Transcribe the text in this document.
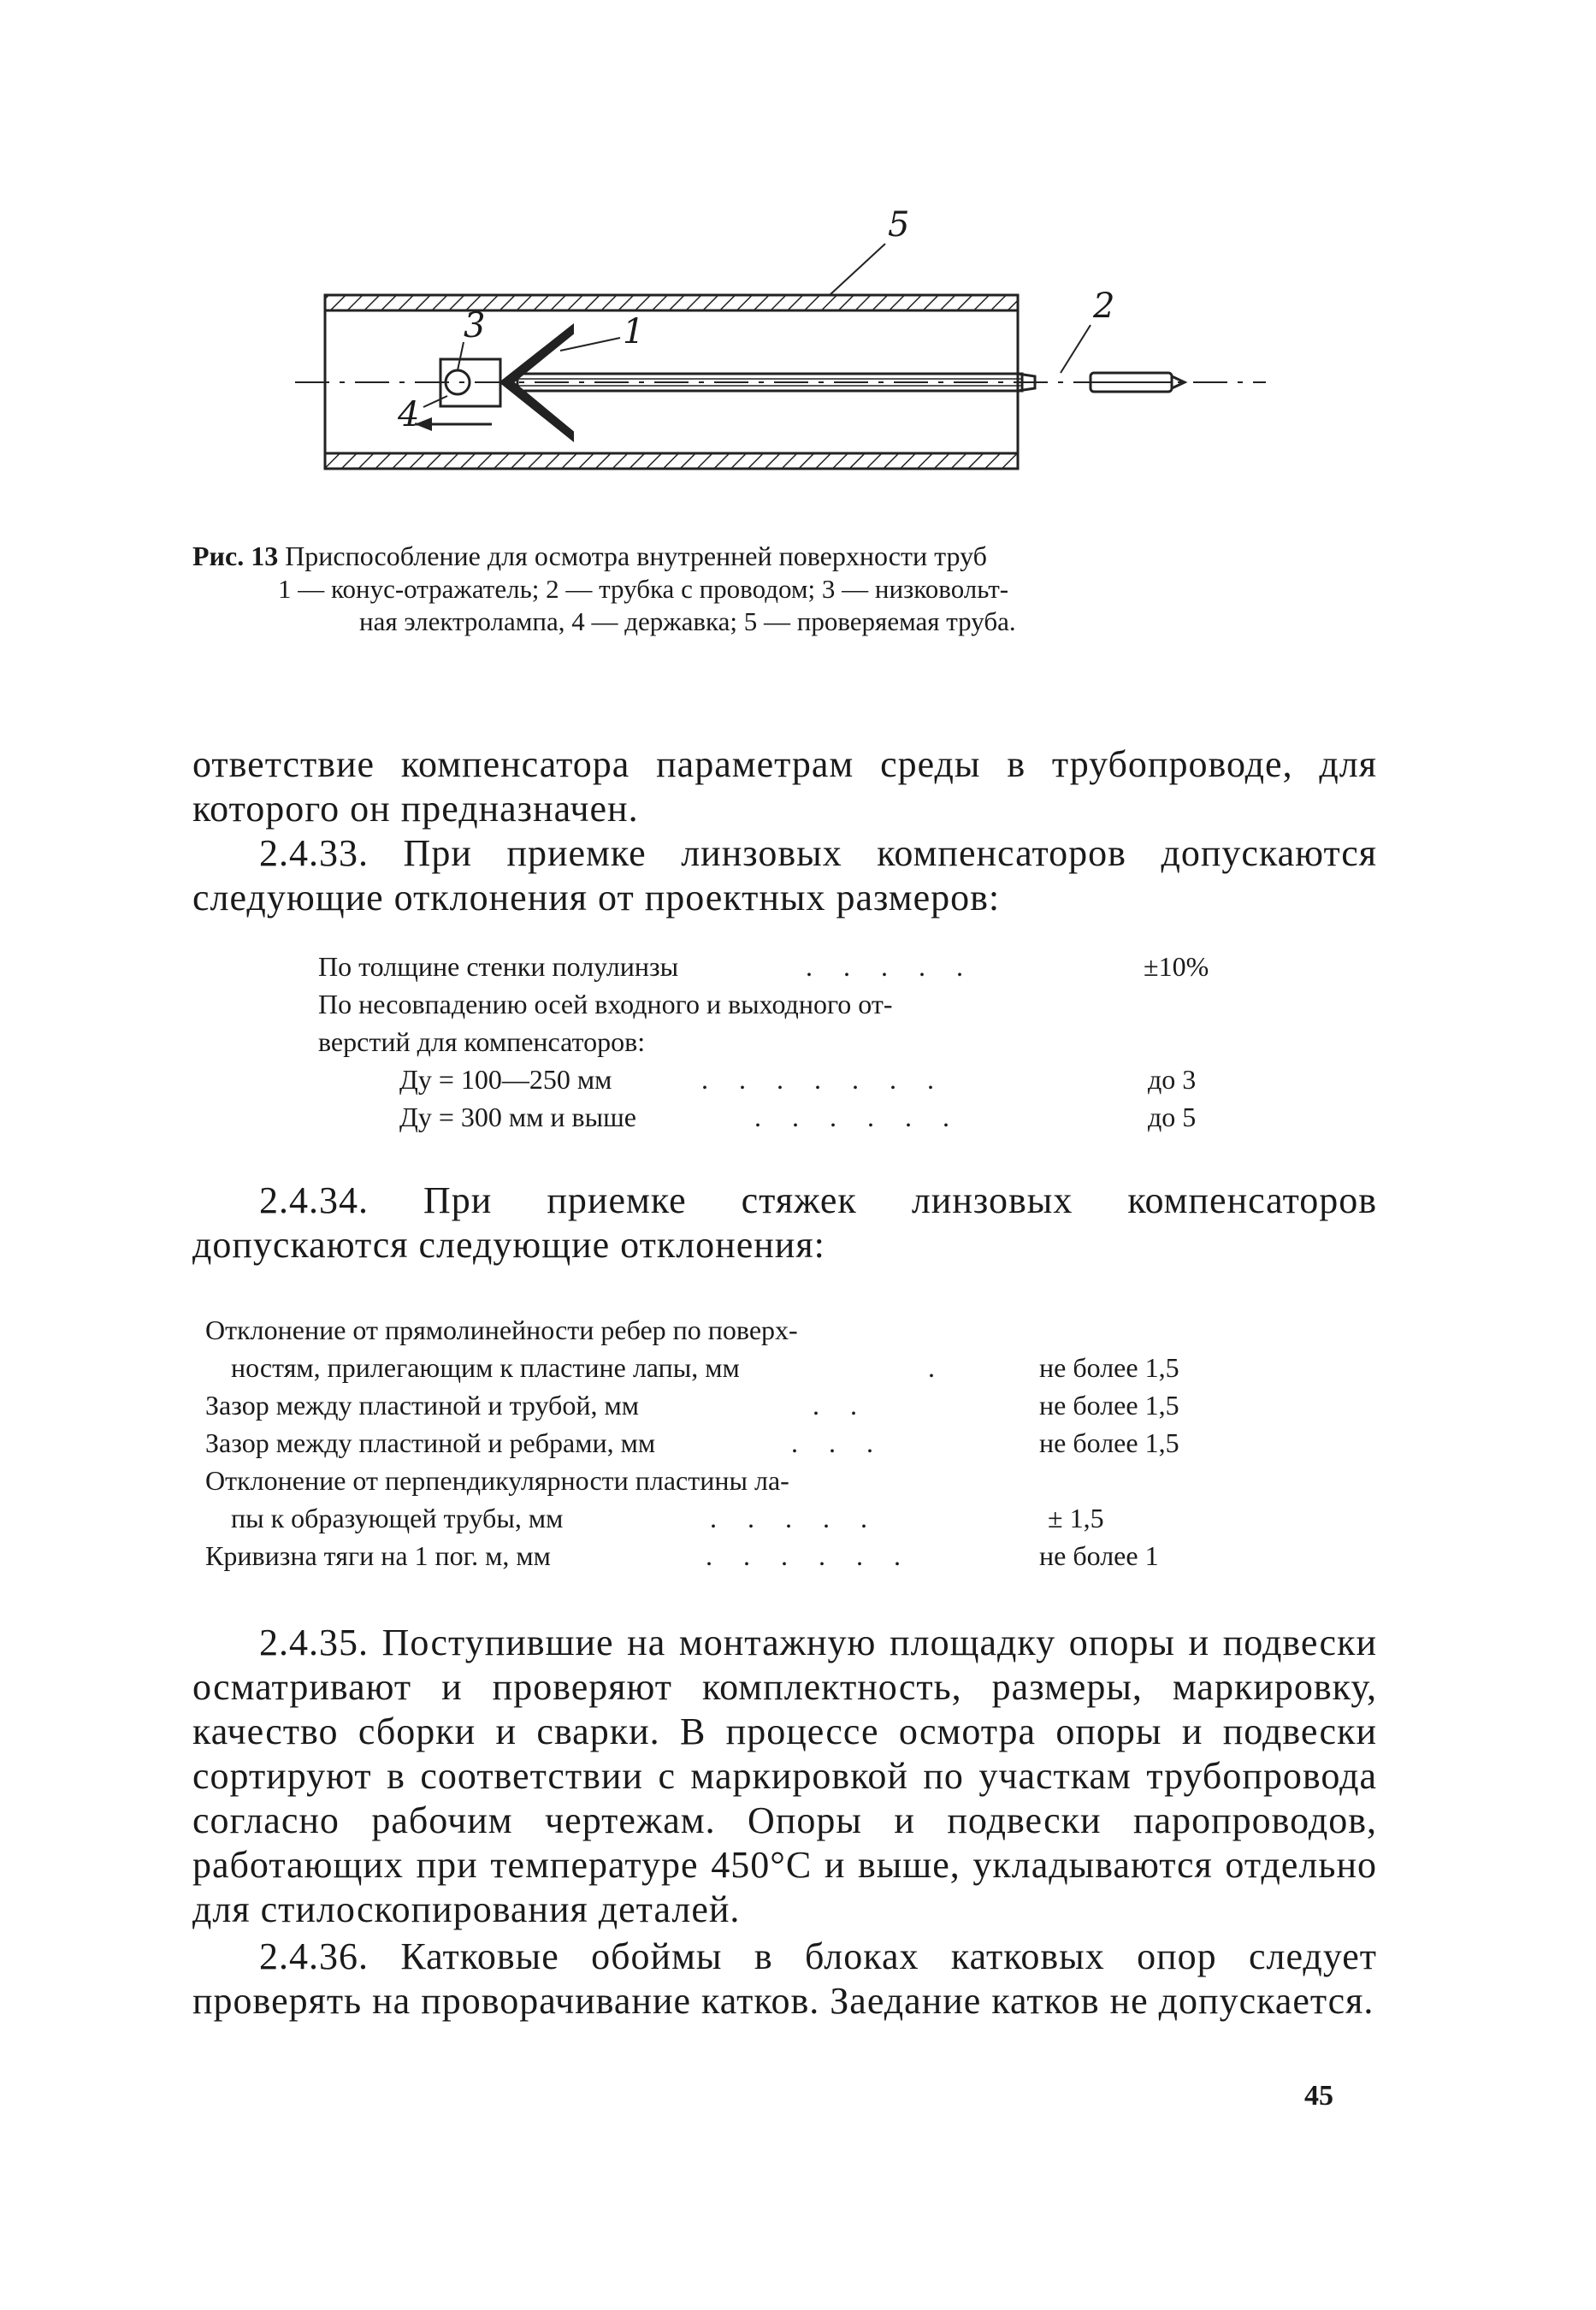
5
2
1
3
4
Рис. 13 Приспособление для осмотра внутренней поверхности труб
1 — конус-отражатель; 2 — трубка с проводом; 3 — низковольт-
ная электролампа, 4 — державка; 5 — проверяемая труба.
ответствие компенсатора параметрам среды в трубопроводе, для которого он предназначен.
2.4.33. При приемке линзовых компенсаторов допускаются следующие отклонения от проектных размеров:
По толщине стенки полулинзы	. . . . .	±10%
По несовпадению осей входного и выходного от-
верстий для компенсаторов:
Ду = 100—250 мм	. . . . . . .	до 3
Ду = 300 мм и выше	. . . . . .	до 5
2.4.34. При приемке стяжек линзовых компенсаторов допускаются следующие отклонения:
Отклонение от прямолинейности ребер по поверх-
ностям, прилегающим к пластине лапы, мм	.	не более 1,5
Зазор между пластиной и трубой, мм	. .	не более 1,5
Зазор между пластиной и ребрами, мм	. . .	не более 1,5
Отклонение от перпендикулярности пластины ла-
пы к образующей трубы, мм	. . . . .	± 1,5
Кривизна тяги на 1 пог. м, мм	. . . . . .	не более 1
2.4.35. Поступившие на монтажную площадку опоры и подвески осматривают и проверяют комплектность, размеры, маркировку, качество сборки и сварки. В процессе осмотра опоры и подвески сортируют в соответствии с маркировкой по участкам трубопровода согласно рабочим чертежам. Опоры и подвески паропроводов, работающих при температуре 450°С и выше, укладываются отдельно для стилоскопирования деталей.
2.4.36. Катковые обоймы в блоках катковых опор следует проверять на проворачивание катков. Заедание катков не допускается.
45
